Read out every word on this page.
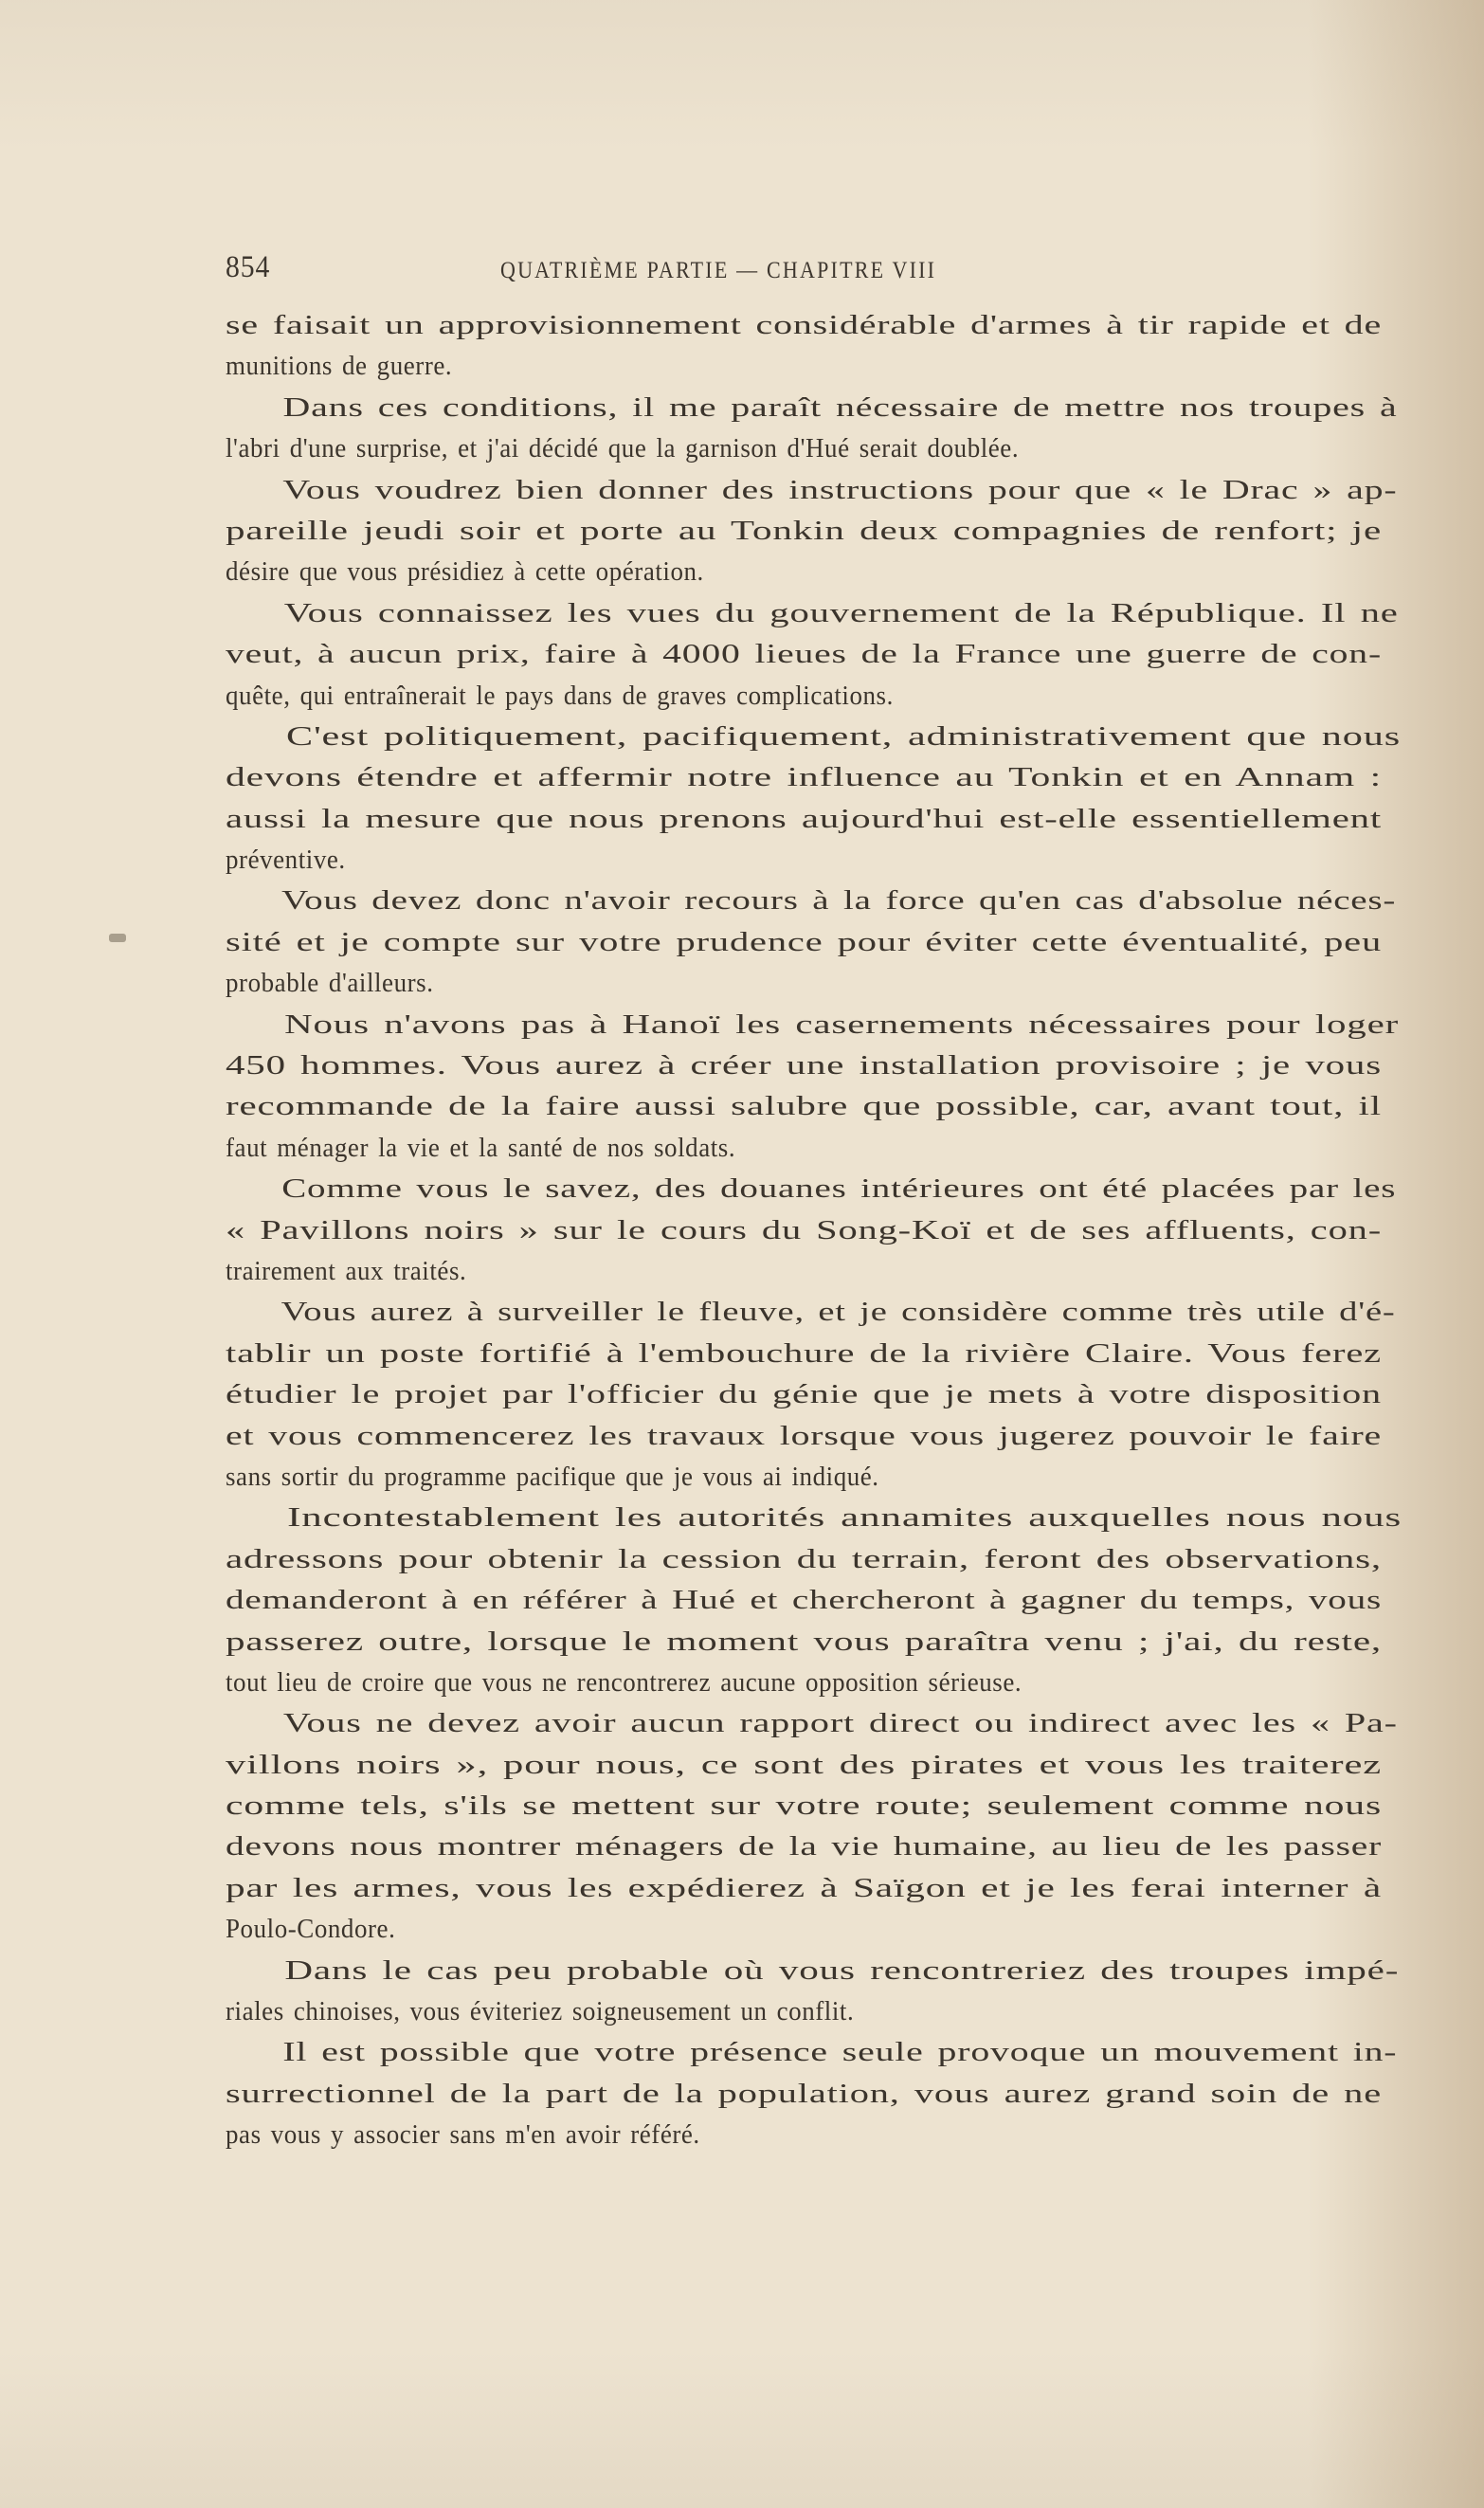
854	QUATRIÈME PARTIE — CHAPITRE VIII
se faisait un approvisionnement considérable d'armes à tir rapide et de
munitions de guerre.
Dans ces conditions, il me paraît nécessaire de mettre nos troupes à
l'abri d'une surprise, et j'ai décidé que la garnison d'Hué serait doublée.
Vous voudrez bien donner des instructions pour que « le Drac » ap-
pareille jeudi soir et porte au Tonkin deux compagnies de renfort; je
désire que vous présidiez à cette opération.
Vous connaissez les vues du gouvernement de la République. Il ne
veut, à aucun prix, faire à 4000 lieues de la France une guerre de con-
quête, qui entraînerait le pays dans de graves complications.
C'est politiquement, pacifiquement, administrativement que nous
devons étendre et affermir notre influence au Tonkin et en Annam :
aussi la mesure que nous prenons aujourd'hui est-elle essentiellement
préventive.
Vous devez donc n'avoir recours à la force qu'en cas d'absolue néces-
sité et je compte sur votre prudence pour éviter cette éventualité, peu
probable d'ailleurs.
Nous n'avons pas à Hanoï les casernements nécessaires pour loger
450 hommes. Vous aurez à créer une installation provisoire ; je vous
recommande de la faire aussi salubre que possible, car, avant tout, il
faut ménager la vie et la santé de nos soldats.
Comme vous le savez, des douanes intérieures ont été placées par les
« Pavillons noirs » sur le cours du Song-Koï et de ses affluents, con-
trairement aux traités.
Vous aurez à surveiller le fleuve, et je considère comme très utile d'é-
tablir un poste fortifié à l'embouchure de la rivière Claire. Vous ferez
étudier le projet par l'officier du génie que je mets à votre disposition
et vous commencerez les travaux lorsque vous jugerez pouvoir le faire
sans sortir du programme pacifique que je vous ai indiqué.
Incontestablement les autorités annamites auxquelles nous nous
adressons pour obtenir la cession du terrain, feront des observations,
demanderont à en référer à Hué et chercheront à gagner du temps, vous
passerez outre, lorsque le moment vous paraîtra venu ; j'ai, du reste,
tout lieu de croire que vous ne rencontrerez aucune opposition sérieuse.
Vous ne devez avoir aucun rapport direct ou indirect avec les « Pa-
villons noirs », pour nous, ce sont des pirates et vous les traiterez
comme tels, s'ils se mettent sur votre route; seulement comme nous
devons nous montrer ménagers de la vie humaine, au lieu de les passer
par les armes, vous les expédierez à Saïgon et je les ferai interner à
Poulo-Condore.
Dans le cas peu probable où vous rencontreriez des troupes impé-
riales chinoises, vous éviteriez soigneusement un conflit.
Il est possible que votre présence seule provoque un mouvement in-
surrectionnel de la part de la population, vous aurez grand soin de ne
pas vous y associer sans m'en avoir référé.
